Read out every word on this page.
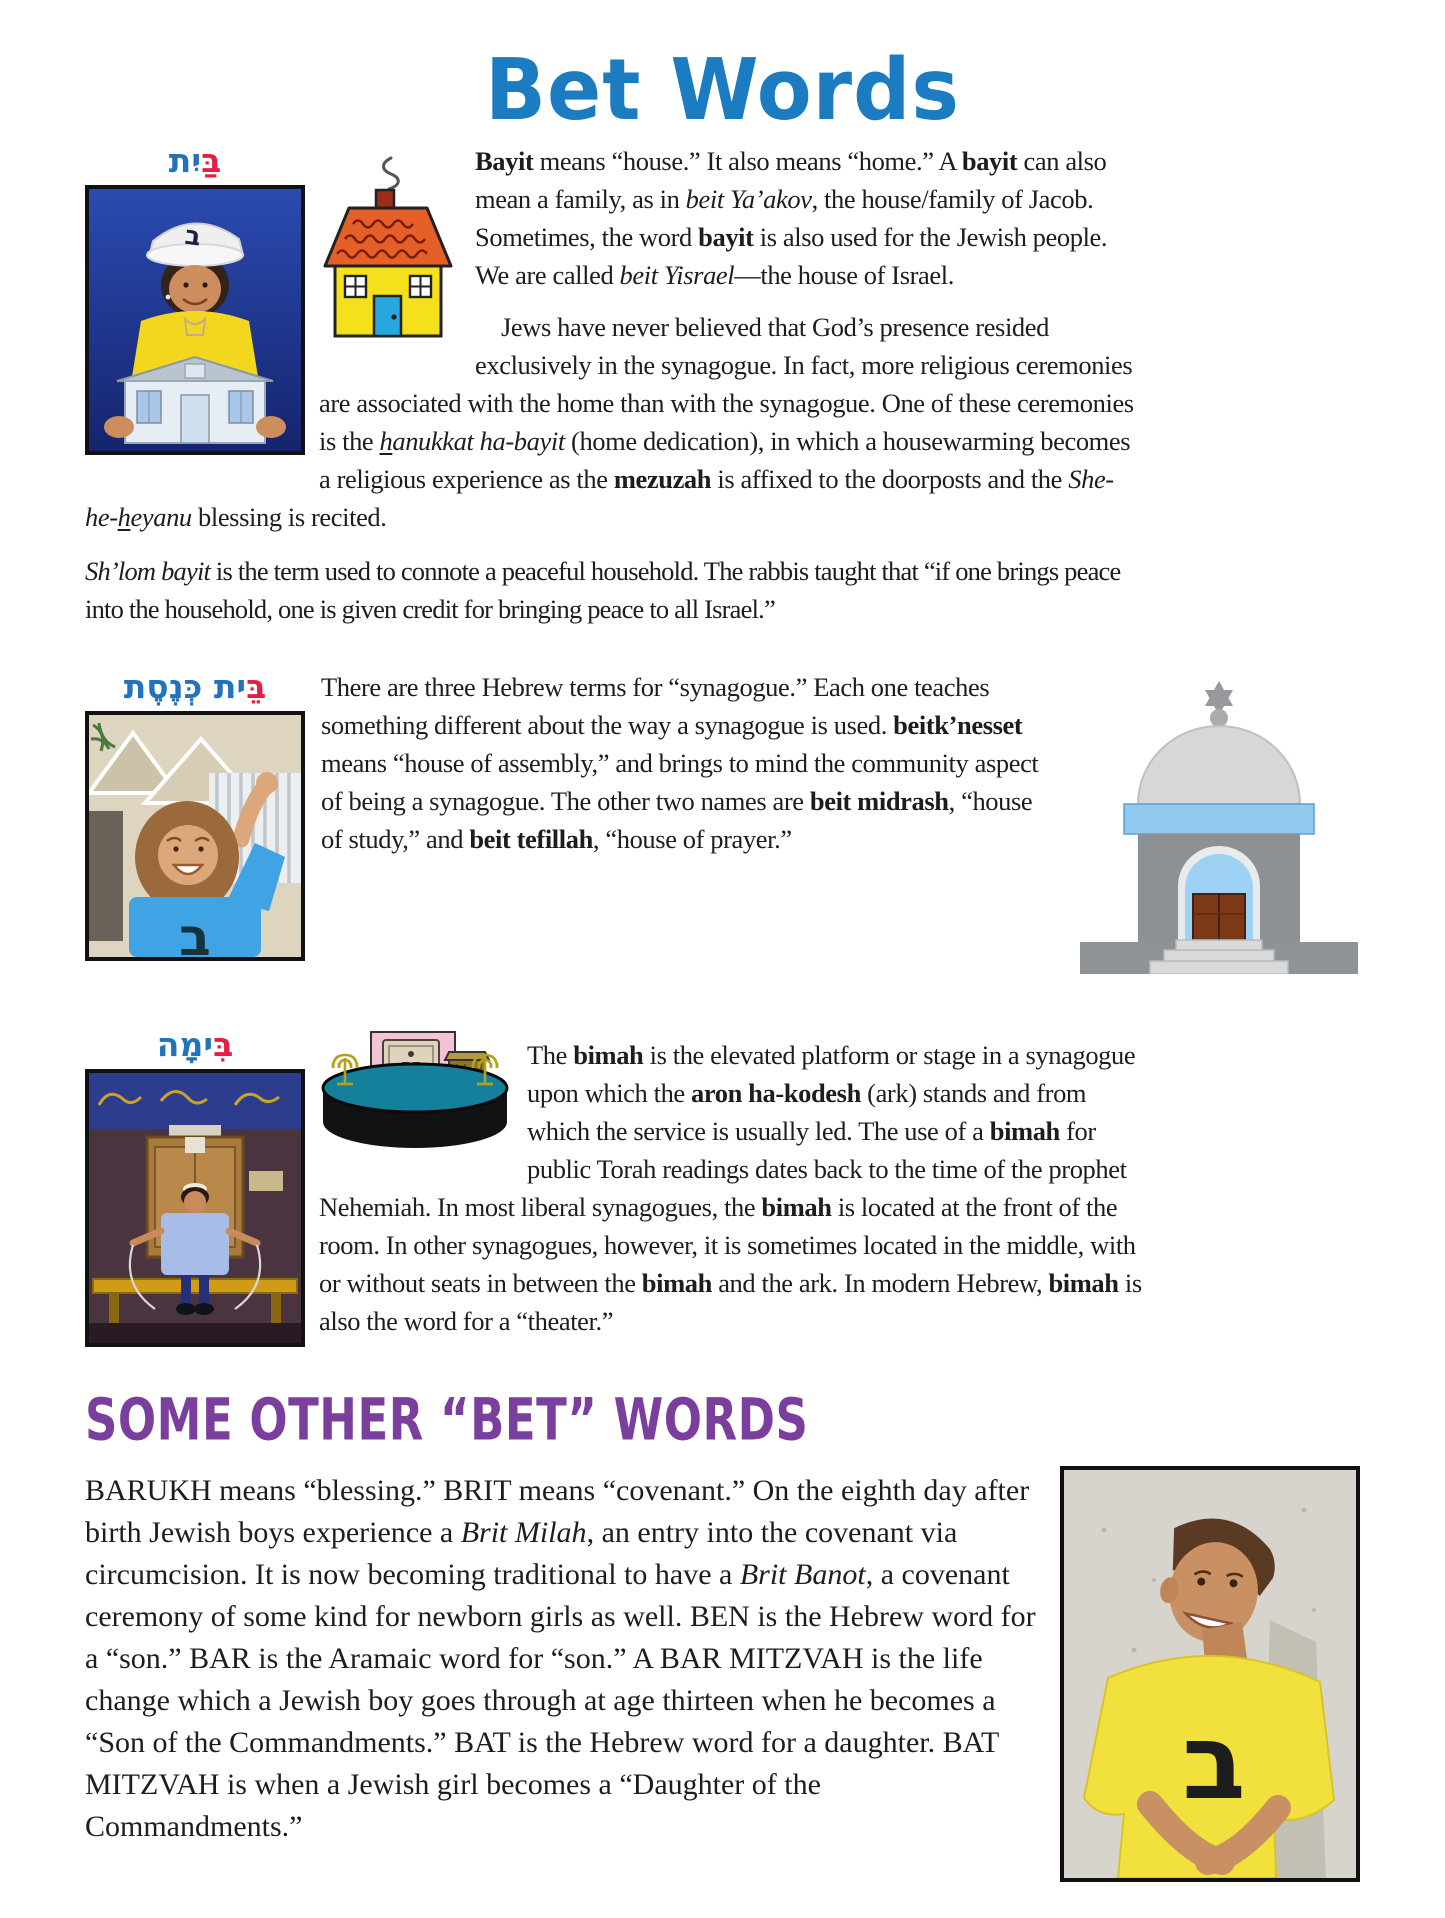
Bet Words
בַּיִת
ב

Bayit means “house.” It also means “home.” A bayit can also mean a family, as in beit Ya’akov, the house/family of Jacob. Sometimes, the word bayit is also used for the Jewish people. We are called beit Yisrael—the house of Israel.

Jews have never believed that God’s presence resided exclusively in the synagogue. In fact, more religious ceremonies are associated with the home than with the synagogue. One of these ceremonies is the hanukkat ha-bayit (home dedication), in which a housewarming becomes a religious experience as the mezuzah is affixed to the doorposts and the She-he-heyanu blessing is recited.

Sh’lom bayit is the term used to connote a peaceful household. The rabbis taught that “if one brings peace into the household, one is given credit for bringing peace to all Israel.”

בֵּית כְּנֶסֶת
ב

There are three Hebrew terms for “synagogue.” Each one teaches something different about the way a synagogue is used. beitk’nesset means “house of assembly,” and brings to mind the community aspect of being a synagogue. The other two names are beit midrash, “house of study,” and beit tefillah, “house of prayer.”

בִּימָה	The bimah is the elevated platform or stage in a synagogue upon which the aron ha-kodesh (ark) stands and from which the service is usually led. The use of a bimah for public Torah readings dates back to the time of the prophet Nehemiah. In most liberal synagogues, the bimah is located at the front of the room. In other synagogues, however, it is sometimes located in the middle, with or without seats in between the bimah and the ark. In modern Hebrew, bimah is also the word for a “theater.”

SOME OTHER “BET” WORDS
ב

BARUKH means “blessing.” BRIT means “covenant.” On the eighth day after birth Jewish boys experience a Brit Milah, an entry into the covenant via circumcision. It is now becoming traditional to have a Brit Banot, a covenant ceremony of some kind for newborn girls as well. BEN is the Hebrew word for a “son.” BAR is the Aramaic word for “son.” A BAR MITZVAH is the life change which a Jewish boy goes through at age thirteen when he becomes a “Son of the Commandments.” BAT is the Hebrew word for a daughter. BAT MITZVAH is when a Jewish girl becomes a “Daughter of the Commandments.”
